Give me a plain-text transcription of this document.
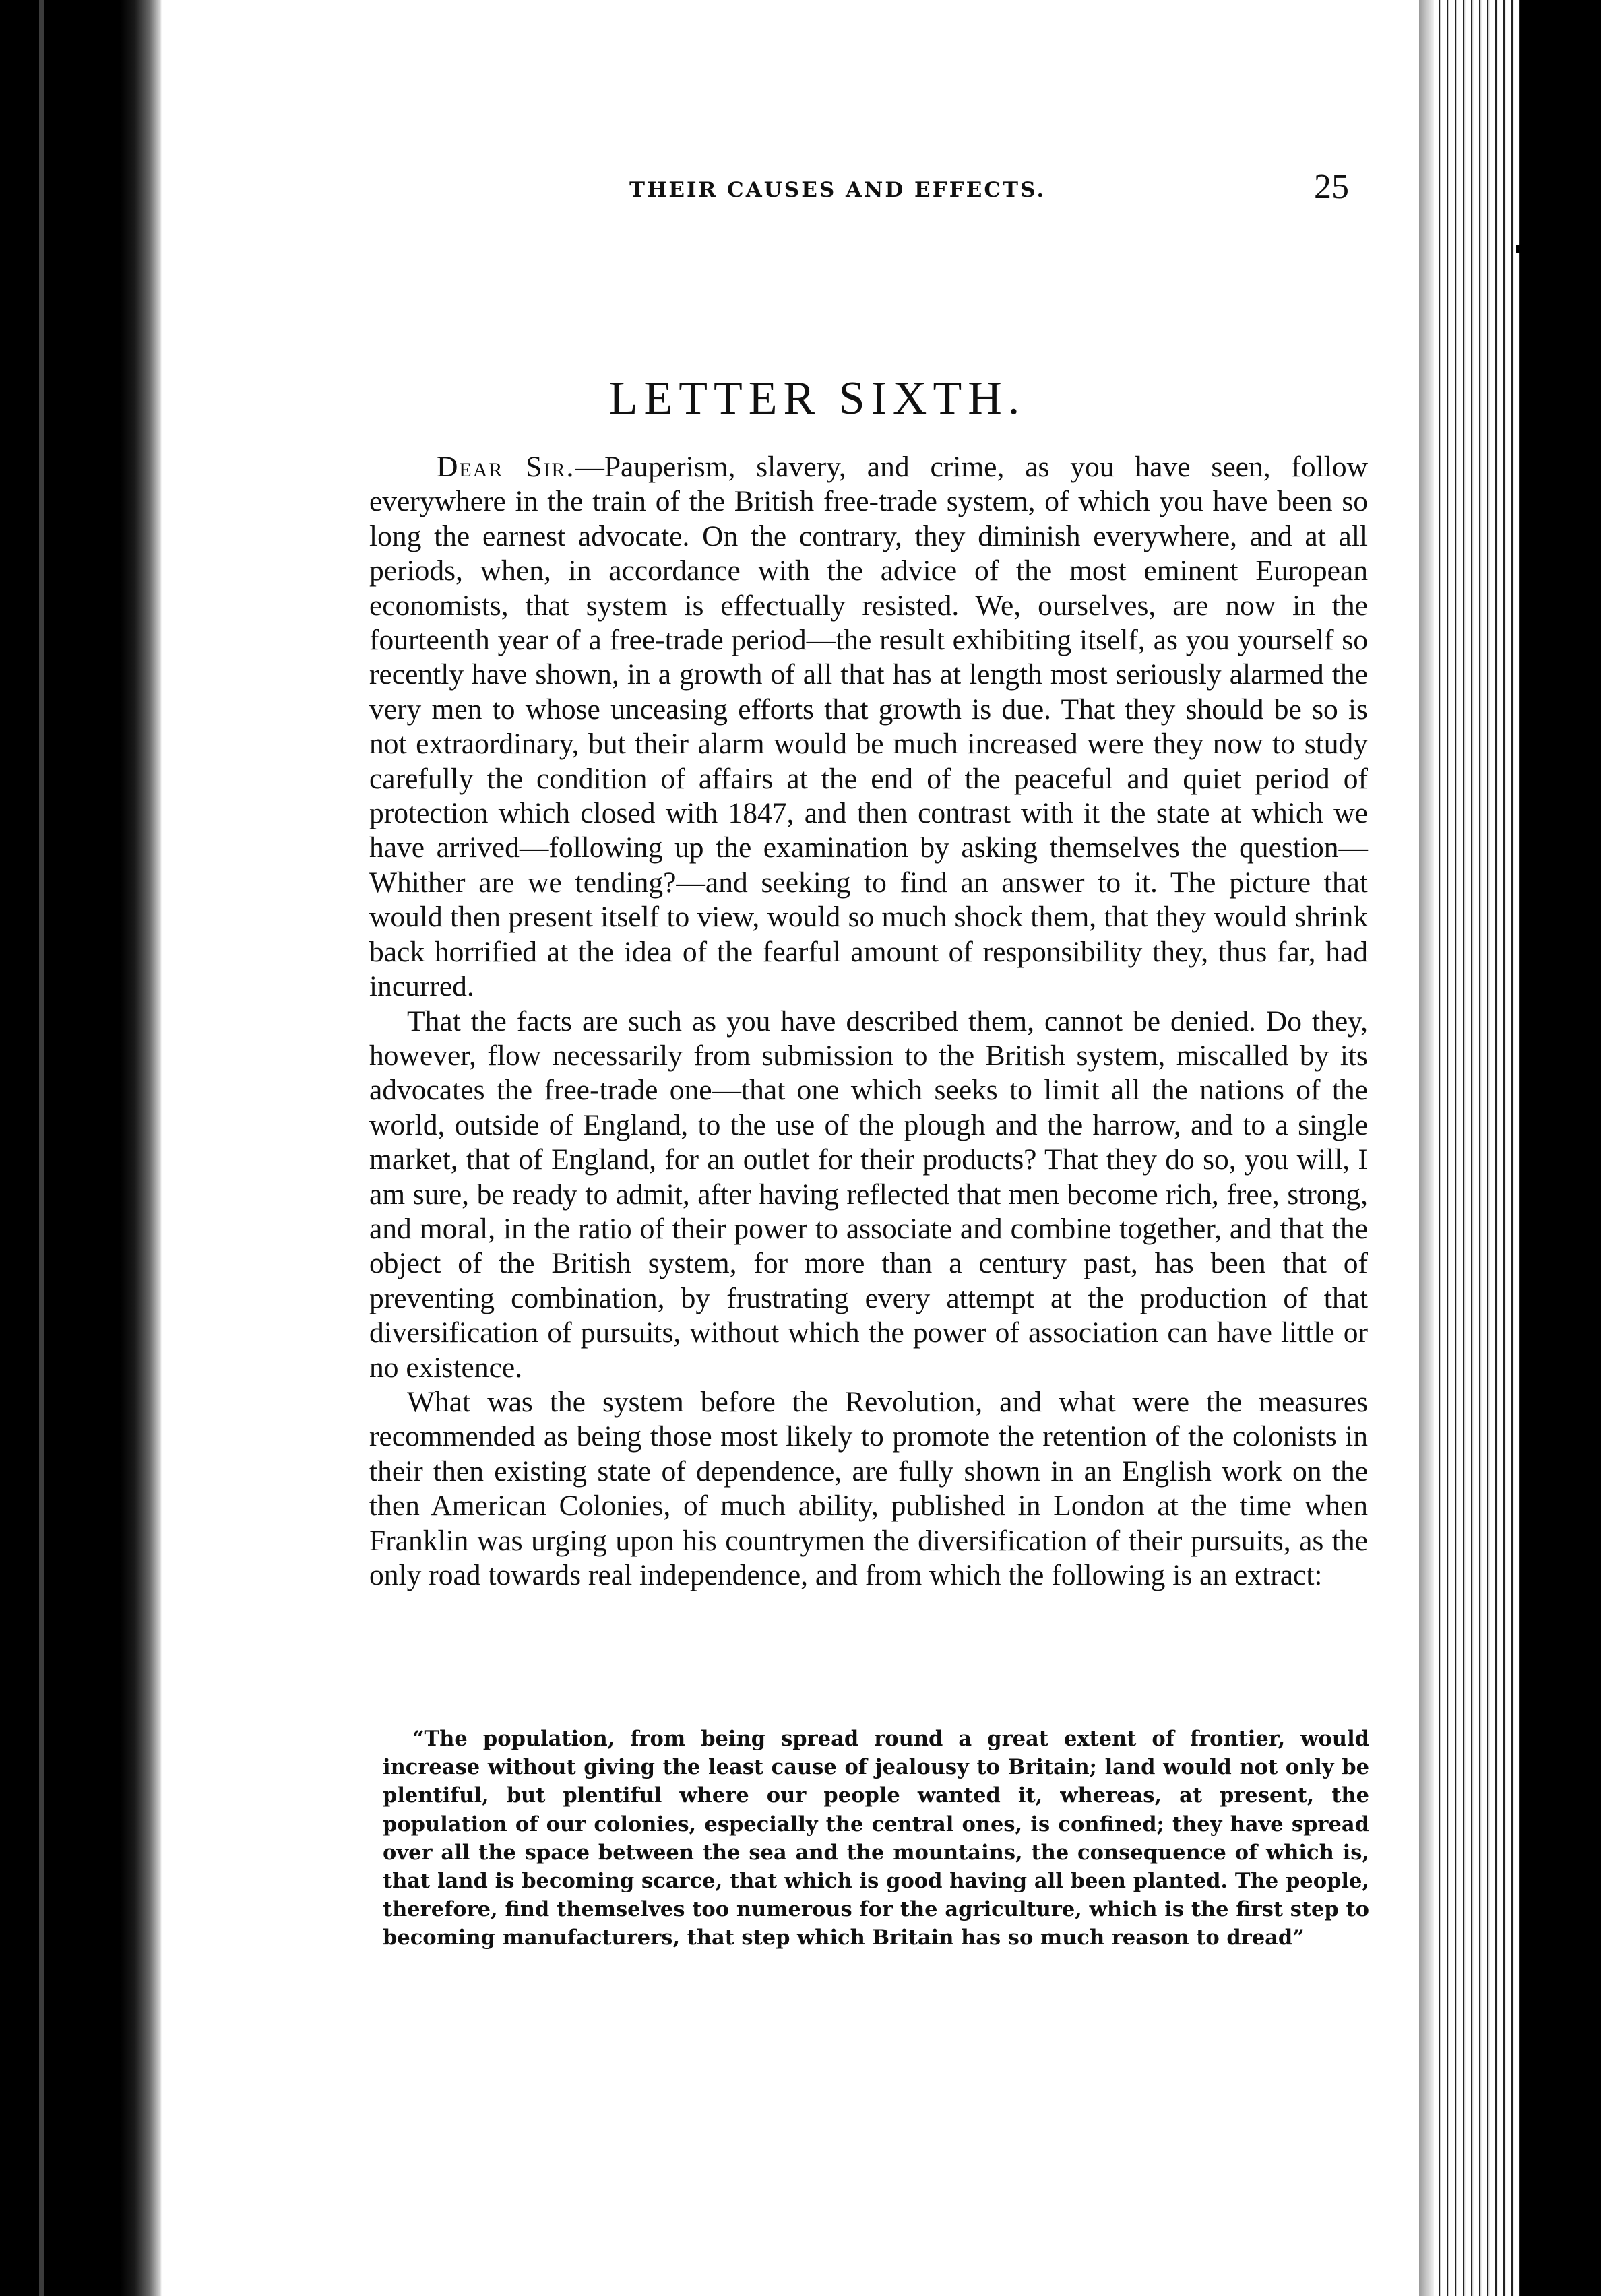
THEIR CAUSES AND EFFECTS.	25
LETTER SIXTH.

Dear Sir.—Pauperism, slavery, and crime, as you have seen, follow everywhere in the train of the British free-trade system, of which you have been so long the earnest advocate. On the contrary, they diminish everywhere, and at all periods, when, in accordance with the advice of the most eminent European economists, that system is effectually resisted. We, ourselves, are now in the fourteenth year of a free-trade period—the result exhibiting itself, as you yourself so recently have shown, in a growth of all that has at length most seriously alarmed the very men to whose unceasing efforts that growth is due. That they should be so is not extraordinary, but their alarm would be much increased were they now to study carefully the condition of affairs at the end of the peaceful and quiet period of protection which closed with 1847, and then contrast with it the state at which we have arrived—following up the examination by asking themselves the question—Whither are we tending?—and seeking to find an answer to it. The picture that would then present itself to view, would so much shock them, that they would shrink back horrified at the idea of the fearful amount of responsibility they, thus far, had incurred.

That the facts are such as you have described them, cannot be denied. Do they, however, flow necessarily from submission to the British system, miscalled by its advocates the free-trade one—that one which seeks to limit all the nations of the world, outside of England, to the use of the plough and the harrow, and to a single market, that of England, for an outlet for their products? That they do so, you will, I am sure, be ready to admit, after having reflected that men become rich, free, strong, and moral, in the ratio of their power to associate and combine together, and that the object of the British system, for more than a century past, has been that of preventing combination, by frustrating every attempt at the production of that diversification of pursuits, without which the power of association can have little or no existence.

What was the system before the Revolution, and what were the measures recommended as being those most likely to promote the retention of the colonists in their then existing state of dependence, are fully shown in an English work on the then American Colonies, of much ability, published in London at the time when Franklin was urging upon his countrymen the diversification of their pursuits, as the only road towards real independence, and from which the following is an extract:

“The population, from being spread round a great extent of frontier, would increase without giving the least cause of jealousy to Britain; land would not only be plentiful, but plentiful where our people wanted it, whereas, at present, the population of our colonies, especially the central ones, is confined; they have spread over all the space between the sea and the mountains, the consequence of which is, that land is becoming scarce, that which is good having all been planted. The people, therefore, find themselves too numerous for the agriculture, which is the first step to becoming manufacturers, that step which Britain has so much reason to dread”
